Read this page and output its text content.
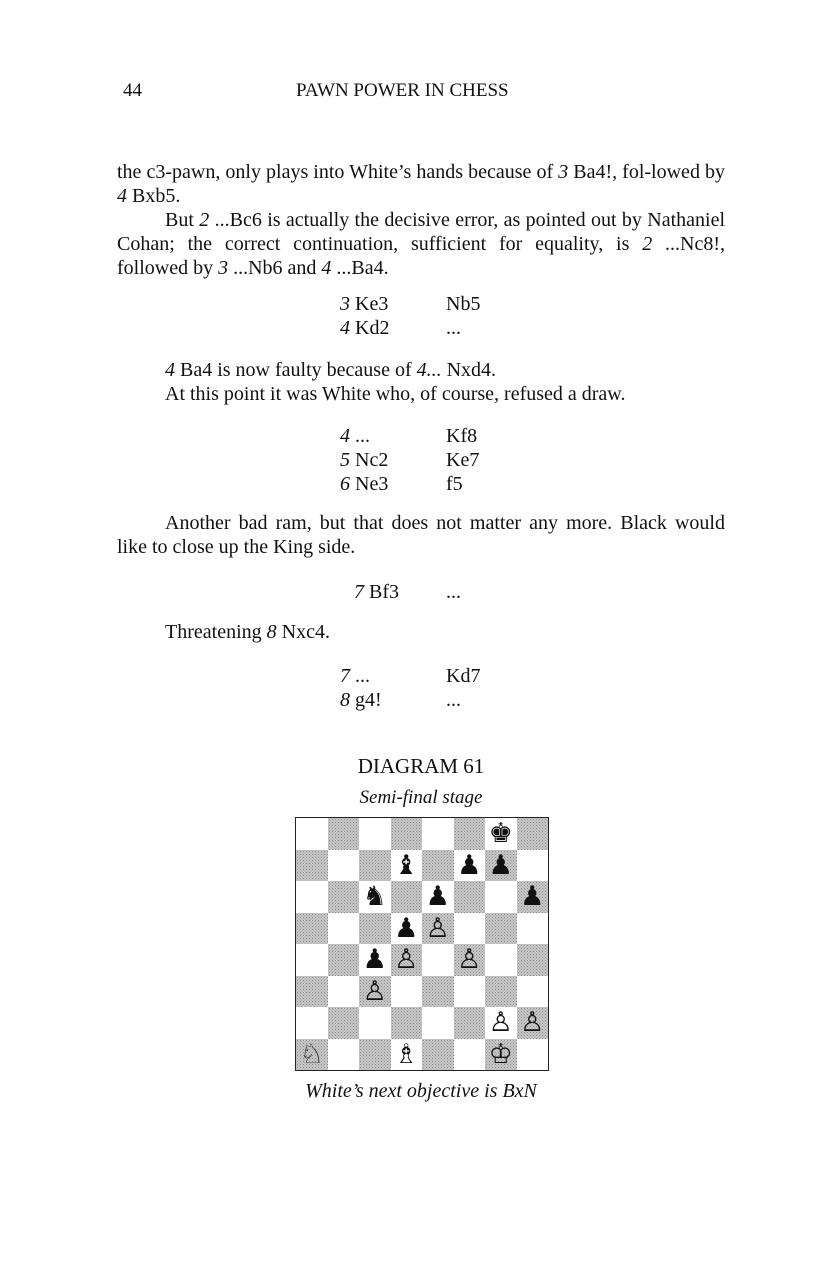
44	PAWN POWER IN CHESS

the c3-pawn, only plays into White’s hands because of 3 Ba4!, fol-lowed by 4 Bxb5.

But 2 ...Bc6 is actually the decisive error, as pointed out by Nathaniel Cohan; the correct continuation, sufficient for equality, is 2 ...Nc8!, followed by 3 ...Nb6 and 4 ...Ba4.

3 Ke3	Nb5
4 Kd2	...

4 Ba4 is now faulty because of 4... Nxd4.

At this point it was White who, of course, refused a draw.

4 ...	Kf8
5 Nc2	Ke7
6 Ne3	f5

Another bad ram, but that does not matter any more. Black would like to close up the King side.

7 Bf3 ...

Threatening 8 Nxc4.

7 ...	Kd7
8 g4!	...
DIAGRAM 61
Semi-final stage
♚
♝ ♟ ♟
♞ ♟	♟
♟ ♙
♟ ♙ ♙
♙
♙ ♙
♘	♗	♔
White’s next objective is BxN
